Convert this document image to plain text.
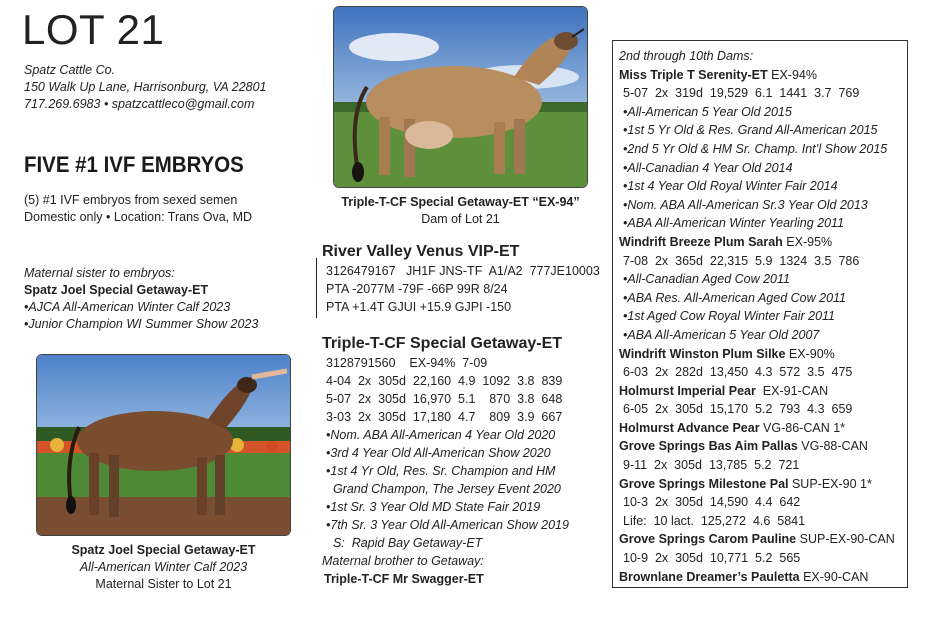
LOT 21
Spatz Cattle Co.
150 Walk Up Lane, Harrisonburg, VA 22801
717.269.6983 • spatzcattleco@gmail.com
FIVE #1 IVF EMBRYOS
(5) #1 IVF embryos from sexed semen
Domestic only • Location: Trans Ova, MD
Maternal sister to embryos:
Spatz Joel Special Getaway-ET
•AJCA All-American Winter Calf 2023
•Junior Champion WI Summer Show 2023
Triple-T-CF Special Getaway-ET “EX-94”
Dam of Lot 21
Spatz Joel Special Getaway-ET
All-American Winter Calf 2023
Maternal Sister to Lot 21
River Valley Venus VIP-ET
3126479167   JH1F JNS-TF  A1/A2  777JE10003
PTA -2077M -79F -66P 99R 8/24
PTA +1.4T GJUI +15.9 GJPI -150
Triple-T-CF Special Getaway-ET
3128791560    EX-94%  7-09
4-04  2x  305d  22,160  4.9  1092  3.8  839
5-07  2x  305d  16,970  5.1    870  3.8  648
3-03  2x  305d  17,180  4.7    809  3.9  667
•Nom. ABA All-American 4 Year Old 2020
•3rd 4 Year Old All-American Show 2020
•1st 4 Yr Old, Res. Sr. Champion and HM
Grand Champon, The Jersey Event 2020
•1st Sr. 3 Year Old MD State Fair 2019
•7th Sr. 3 Year Old All-American Show 2019
S:  Rapid Bay Getaway-ET
Maternal brother to Getaway:
Triple-T-CF Mr Swagger-ET
2nd through 10th Dams:
Miss Triple T Serenity-ET EX-94%
5-07  2x  319d  19,529  6.1  1441  3.7  769
•All-American 5 Year Old 2015
•1st 5 Yr Old & Res. Grand All-American 2015
•2nd 5 Yr Old & HM Sr. Champ. Int’l Show 2015
•All-Canadian 4 Year Old 2014
•1st 4 Year Old Royal Winter Fair 2014
•Nom. ABA All-American Sr.3 Year Old 2013
•ABA All-American Winter Yearling 2011
Windrift Breeze Plum Sarah EX-95%
7-08  2x  365d  22,315  5.9  1324  3.5  786
•All-Canadian Aged Cow 2011
•ABA Res. All-American Aged Cow 2011
•1st Aged Cow Royal Winter Fair 2011
•ABA All-American 5 Year Old 2007
Windrift Winston Plum Silke EX-90%
6-03  2x  282d  13,450  4.3  572  3.5  475
Holmurst Imperial Pear  EX-91-CAN
6-05  2x  305d  15,170  5.2  793  4.3  659
Holmurst Advance Pear VG-86-CAN 1*
Grove Springs Bas Aim Pallas VG-88-CAN
9-11  2x  305d  13,785  5.2  721
Grove Springs Milestone Pal SUP-EX-90 1*
10-3  2x  305d  14,590  4.4  642
Life:  10 lact.  125,272  4.6  5841
Grove Springs Carom Pauline SUP-EX-90-CAN
10-9  2x  305d  10,771  5.2  565
Brownlane Dreamer’s Pauletta EX-90-CAN
